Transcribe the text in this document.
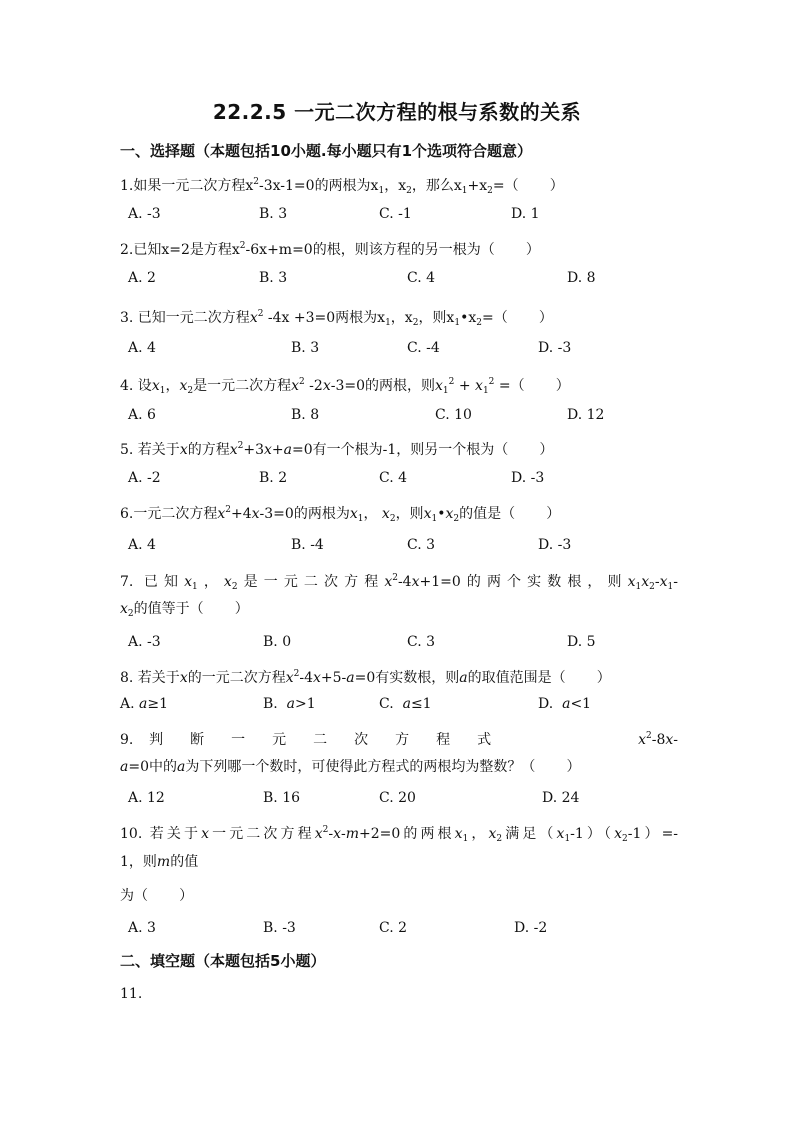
22.2.5 一元二次方程的根与系数的关系
一、选择题（本题包括10小题.每小题只有1个选项符合题意）
1.如果一元二次方程$x^2-3x-1=0$的两根为$x_1$，$x_2$，那么$x_1+x_2=$（       ）
A. -3	B. 3	C. -1	D. 1
2.已知x=2是方程$x^2-6x+m=0$的根，则该方程的另一根为（       ）
A. 2	B. 3	C. 4	D. 8
3. 已知一元二次方程$x^2$ -4x +3=0两根为$x_1$，$x_2$，则$x_1•x_2=$（       ）
A. 4	B. 3	C. -4	D. -3
4. 设$x_1$，$x_2$是一元二次方程$x^2$ -2x-3=0的两根，则$x_1^2 + x_1^2$ =（       ）
A. 6	B. 8	C. 10	D. 12
5. 若关于x的方程$x^2+3x+a=0$有一个根为-1，则另一个根为（       ）
A. -2	B. 2	C. 4	D. -3
6.一元二次方程$x^2+4x-3=0$的两根为$x_1$， $x_2$，则$x_1•x_2$的值是（       ）
A. 4	B. -4	C. 3	D. -3
7. 已知$x_1$，$x_2$是一元二次方程$x^2-4x+1=0$的两个实数根，则$x_1x_2-x_1-$
$x_2$的值等于（       ）
A. -3	B. 0	C. 3	D. 5
8. 若关于x的一元二次方程$x^2-4x+5-a=0$有实数根，则a的取值范围是（       ）
A. a≥1	B.  a>1	C.  a≤1	D.  a<1
9. 判 断 一 元 二 次 方 程 式	$x^2-8x-$
a=0中的a为下列哪一个数时，可使得此方程式的两根均为整数？（       ）
A. 12	B. 16	C. 20	D. 24
10. 若关于x一元二次方程$x^2-x-m+2=0$的两根$x_1$，$x_2$满足$(x_1-1)(x_2-1)=-$
1，则m的值
为（       ）
A. 3	B. -3	C. 2	D. -2
二、填空题（本题包括5小题）
11.
